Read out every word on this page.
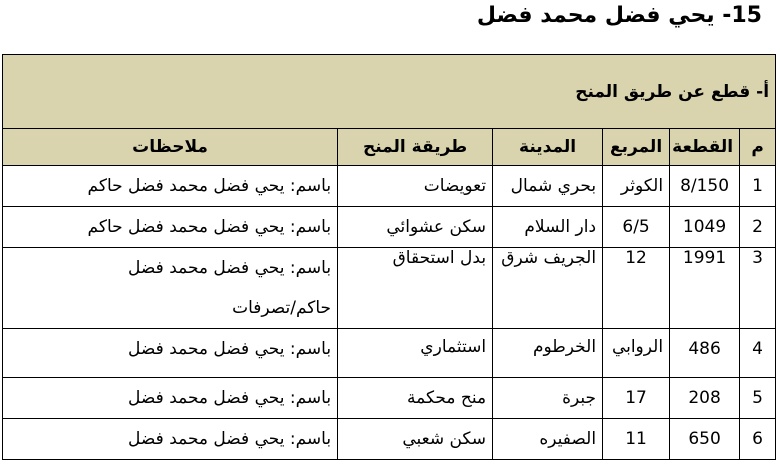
15- يحي فضل محمد فضل
أ- قطع عن طريق المنح					
م	القطعة	المربع	المدينة	طريقة المنح	ملاحظات
1	8/150	الكوثر	بحري شمال	تعويضات	باسم: يحي فضل محمد فضل حاكم

2	1049	6/5	دار السلام	سكن عشوائي	باسم: يحي فضل محمد فضل حاكم

3	1991	12	الجريف شرق	بدل استحقاق	باسم: يحي فضل محمد فضل
حاكم/تصرفات

4	486	الروابي	الخرطوم	استثماري	باسم: يحي فضل محمد فضل

5	208	17	جبرة	منح محكمة	باسم: يحي فضل محمد فضل

6	650	11	الصفيره	سكن شعبي	باسم: يحي فضل محمد فضل
